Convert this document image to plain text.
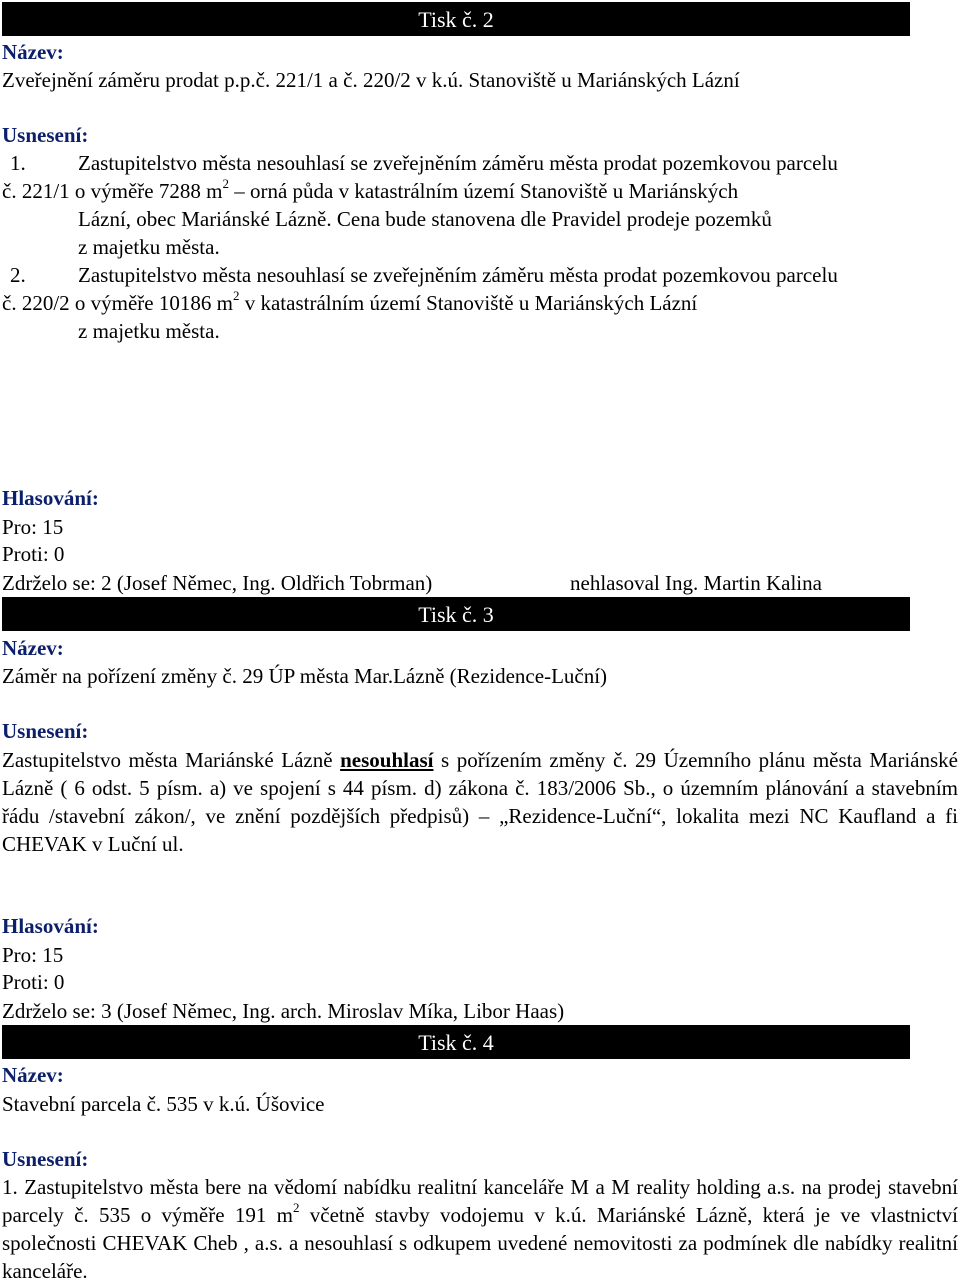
Tisk č. 2
Název:
Zveřejnění záměru prodat p.p.č. 221/1 a č. 220/2 v k.ú. Stanoviště u Mariánských Lázní
Usnesení:
1. Zastupitelstvo města nesouhlasí se zveřejněním záměru města prodat pozemkovou parcelu
č. 221/1 o výměře 7288 $m^2$ – orná půda v katastrálním území Stanoviště u Mariánských
Lázní, obec Mariánské Lázně. Cena bude stanovena dle Pravidel prodeje pozemků
z majetku města.
2. Zastupitelstvo města nesouhlasí se zveřejněním záměru města prodat pozemkovou parcelu
č. 220/2 o výměře 10186 $m^2$ v katastrálním území Stanoviště u Mariánských Lázní
z majetku města.
Hlasování:
Pro: 15
Proti: 0
Zdrželo se: 2 (Josef Němec, Ing. Oldřich Tobrman)	nehlasoval Ing. Martin Kalina
Tisk č. 3
Název:
Záměr na pořízení změny č. 29 ÚP města Mar.Lázně (Rezidence-Luční)
Usnesení:
Zastupitelstvo města Mariánské Lázně nesouhlasí s pořízením změny č. 29 Územního plánu města Mariánské Lázně ( 6 odst. 5 písm. a) ve spojení s 44 písm. d) zákona č. 183/2006 Sb., o územním plánování a stavebním řádu /stavební zákon/, ve znění pozdějších předpisů) – „Rezidence-Luční“, lokalita mezi NC Kaufland a fi CHEVAK v Luční ul.
Hlasování:
Pro: 15
Proti: 0
Zdrželo se: 3 (Josef Němec, Ing. arch. Miroslav Míka, Libor Haas)
Tisk č. 4
Název:
Stavební parcela č. 535 v k.ú. Úšovice
Usnesení:
1. Zastupitelstvo města bere na vědomí nabídku realitní kanceláře M a M reality holding a.s. na prodej stavební parcely č. 535 o výměře 191 $m^2$ včetně stavby vodojemu v k.ú. Mariánské Lázně, která je ve vlastnictví společnosti CHEVAK Cheb , a.s. a nesouhlasí s odkupem uvedené nemovitosti za podmínek dle nabídky realitní kanceláře.
